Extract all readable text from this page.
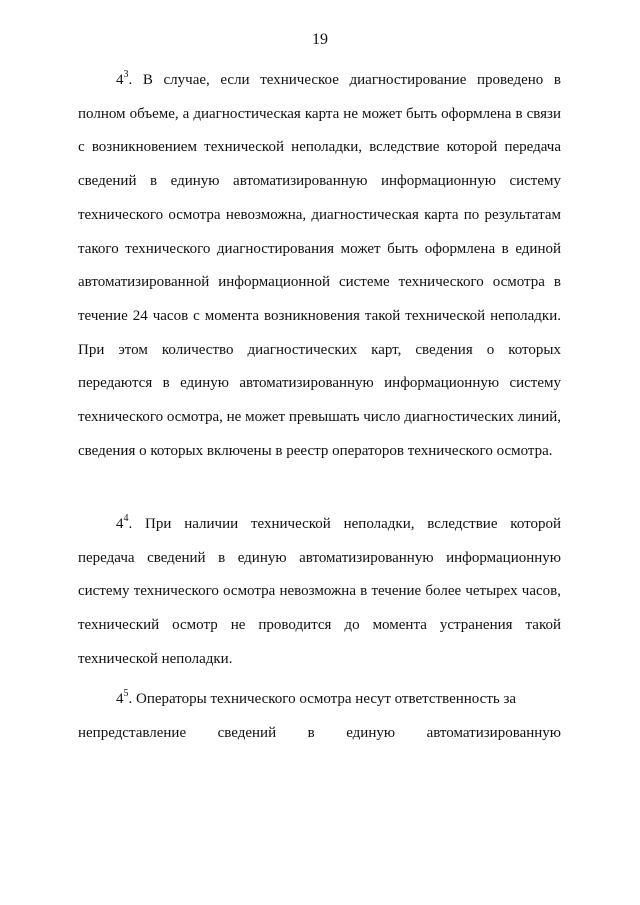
19

$4^3$. В случае, если техническое диагностирование проведено в полном объеме, а диагностическая карта не может быть оформлена в связи с возникновением технической неполадки, вследствие которой передача сведений в единую автоматизированную информационную систему технического осмотра невозможна, диагностическая карта по результатам такого технического диагностирования может быть оформлена в единой автоматизированной информационной системе технического осмотра в течение 24 часов с момента возникновения такой технической неполадки. При этом количество диагностических карт, сведения о которых передаются в единую автоматизированную информационную систему технического осмотра, не может превышать число диагностических линий, сведения о которых включены в реестр операторов технического осмотра.

$4^4$. При наличии технической неполадки, вследствие которой передача сведений в единую автоматизированную информационную систему технического осмотра невозможна в течение более четырех часов, технический осмотр не проводится до момента устранения такой технической неполадки.

$4^5$. Операторы технического осмотра несут ответственность за
непредставление сведений в единую автоматизированную
